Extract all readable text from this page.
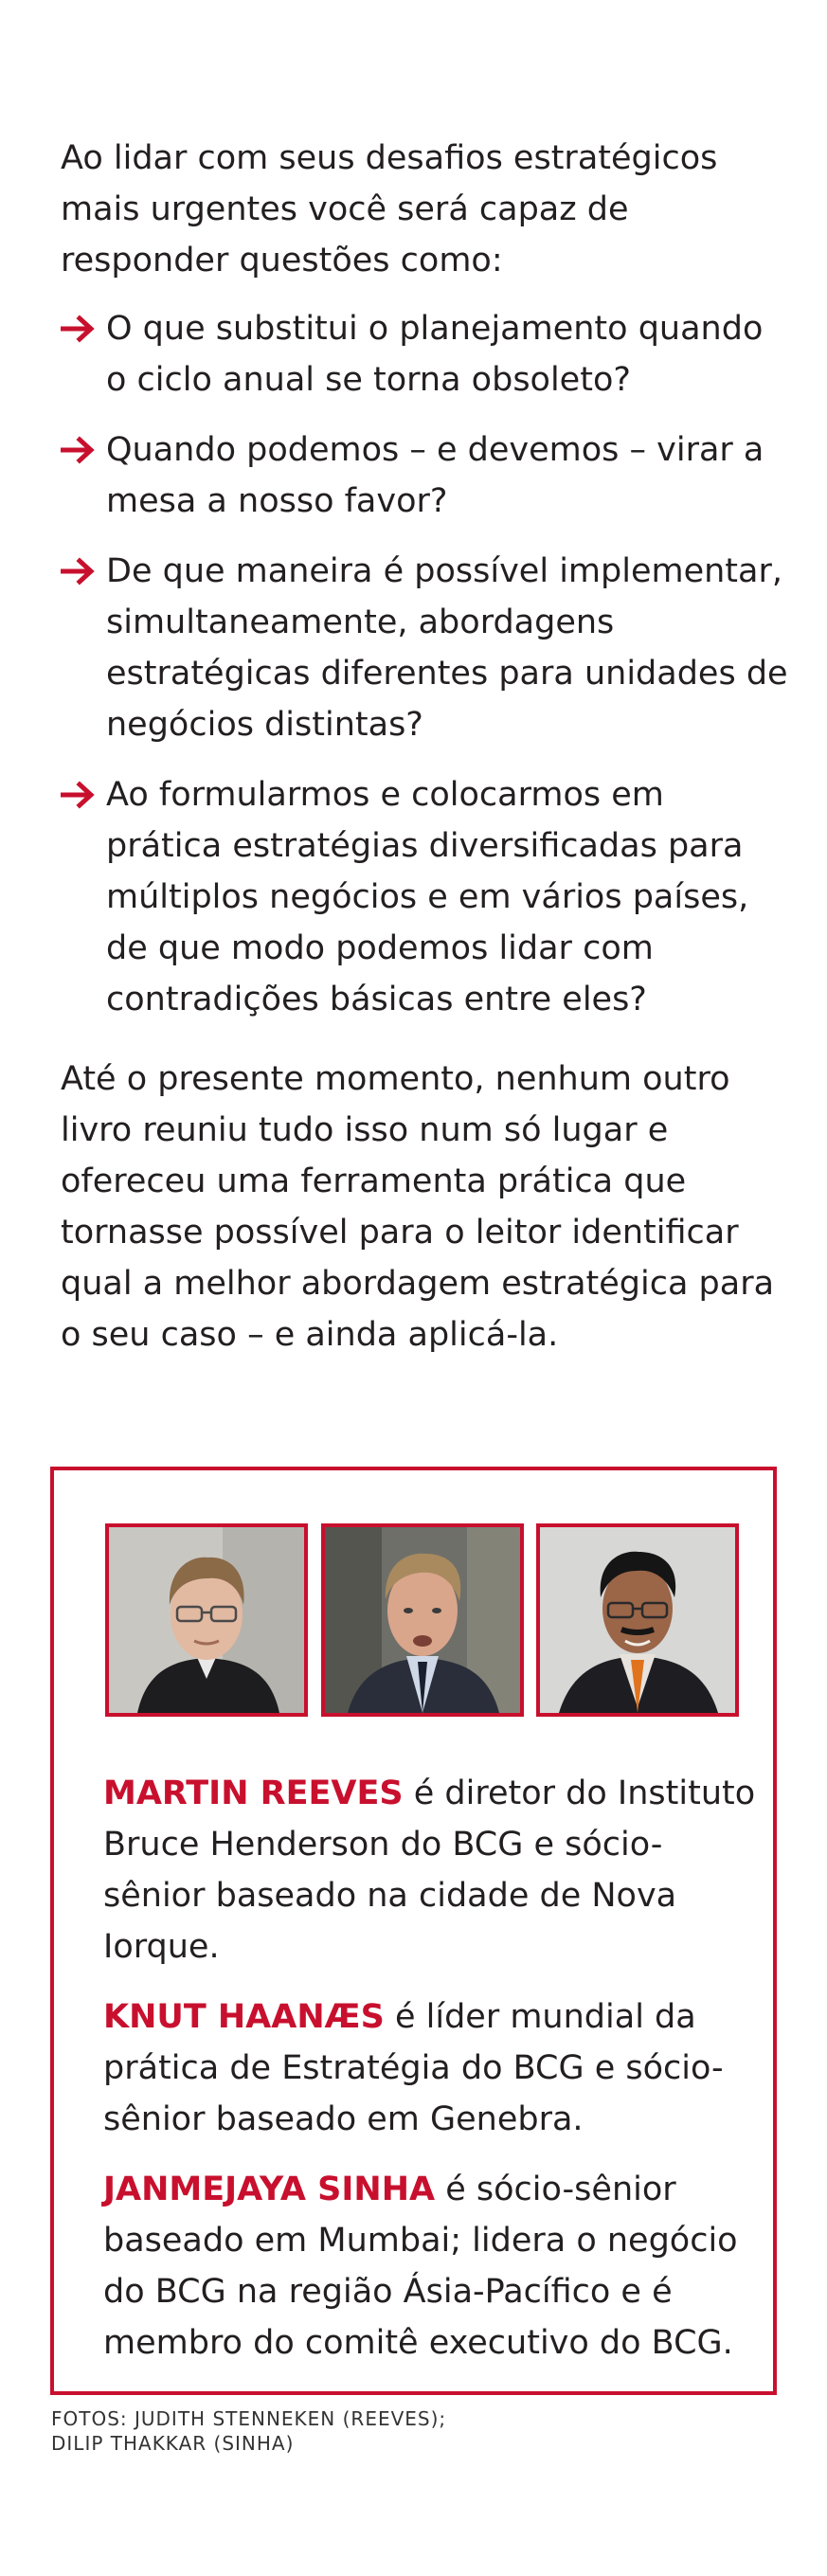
Ao lidar com seus desafios estratégicos mais urgentes você será capaz de responder questões como:

O que substitui o planejamento quando o ciclo anual se torna obsoleto?
Quando podemos – e devemos – virar a mesa a nosso favor?
De que maneira é possível implementar, simultaneamente, abordagens estratégicas diferentes para unidades de negócios distintas?
Ao formularmos e colocarmos em prática estratégias diversificadas para múltiplos negócios e em vários países, de que modo podemos lidar com contradições básicas entre eles?

Até o presente momento, nenhum outro livro reuniu tudo isso num só lugar e ofereceu uma ferramenta prática que tornasse possível para o leitor identificar qual a melhor abordagem estratégica para o seu caso – e ainda aplicá-la.

MARTIN REEVES é diretor do Instituto Bruce Henderson do BCG e sócio-sênior baseado na cidade de Nova Iorque.

KNUT HAANÆS é líder mundial da prática de Estratégia do BCG e sócio-sênior baseado em Genebra.

JANMEJAYA SINHA é sócio-sênior baseado em Mumbai; lidera o negócio do BCG na região Ásia-Pacífico e é membro do comitê executivo do BCG.

FOTOS: JUDITH STENNEKEN (REEVES);
DILIP THAKKAR (SINHA)
